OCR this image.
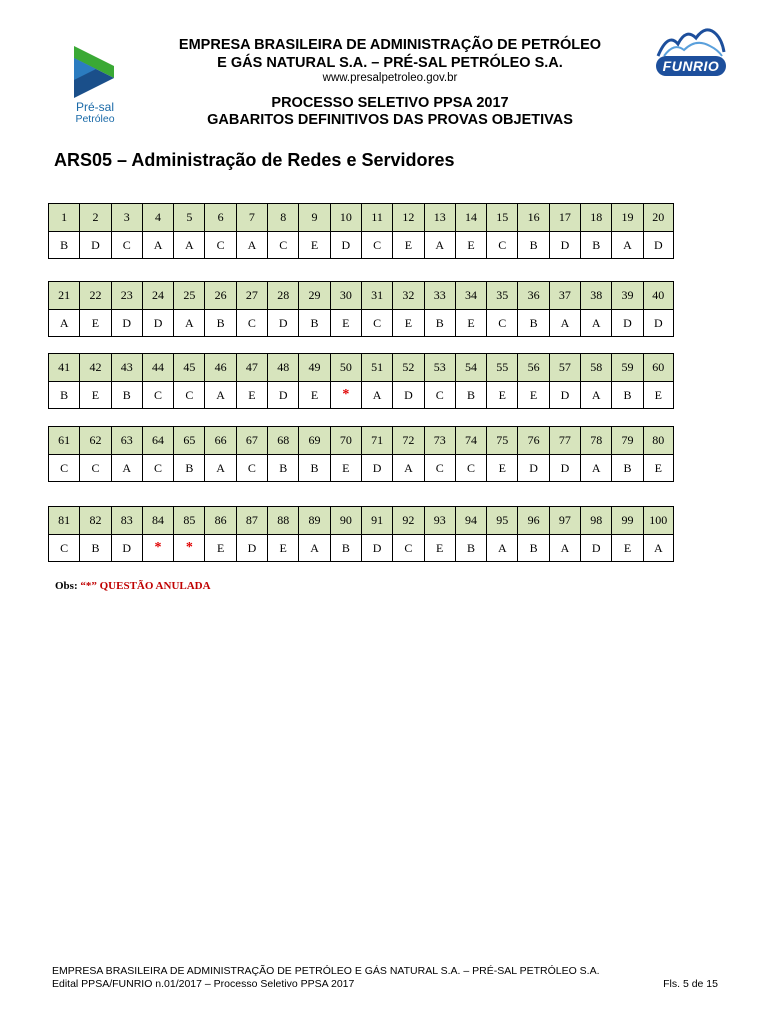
Pré-sal
Petróleo
EMPRESA BRASILEIRA DE ADMINISTRAÇÃO DE PETRÓLEO
E GÁS NATURAL S.A. – PRÉ-SAL PETRÓLEO S.A.
www.presalpetroleo.gov.br
PROCESSO SELETIVO PPSA 2017
GABARITOS DEFINITIVOS DAS PROVAS OBJETIVAS
FUNRIO
ARS05 – Administração de Redes e Servidores
1	2	3	4	5	6	7	8	9	10	11	12	13	14	15	16	17	18	19	20
B	D	C	A	A	C	A	C	E	D	C	E	A	E	C	B	D	B	A	D
21	22	23	24	25	26	27	28	29	30	31	32	33	34	35	36	37	38	39	40
A	E	D	D	A	B	C	D	B	E	C	E	B	E	C	B	A	A	D	D
41	42	43	44	45	46	47	48	49	50	51	52	53	54	55	56	57	58	59	60
B	E	B	C	C	A	E	D	E	*	A	D	C	B	E	E	D	A	B	E
61	62	63	64	65	66	67	68	69	70	71	72	73	74	75	76	77	78	79	80
C	C	A	C	B	A	C	B	B	E	D	A	C	C	E	D	D	A	B	E
81	82	83	84	85	86	87	88	89	90	91	92	93	94	95	96	97	98	99	100
C	B	D	*	*	E	D	E	A	B	D	C	E	B	A	B	A	D	E	A
Obs: “*” QUESTÃO ANULADA
EMPRESA BRASILEIRA DE ADMINISTRAÇÃO DE PETRÓLEO E GÁS NATURAL S.A. – PRÉ-SAL PETRÓLEO S.A.
Edital PPSA/FUNRIO n.01/2017 – Processo Seletivo PPSA 2017	Fls. 5 de 15
